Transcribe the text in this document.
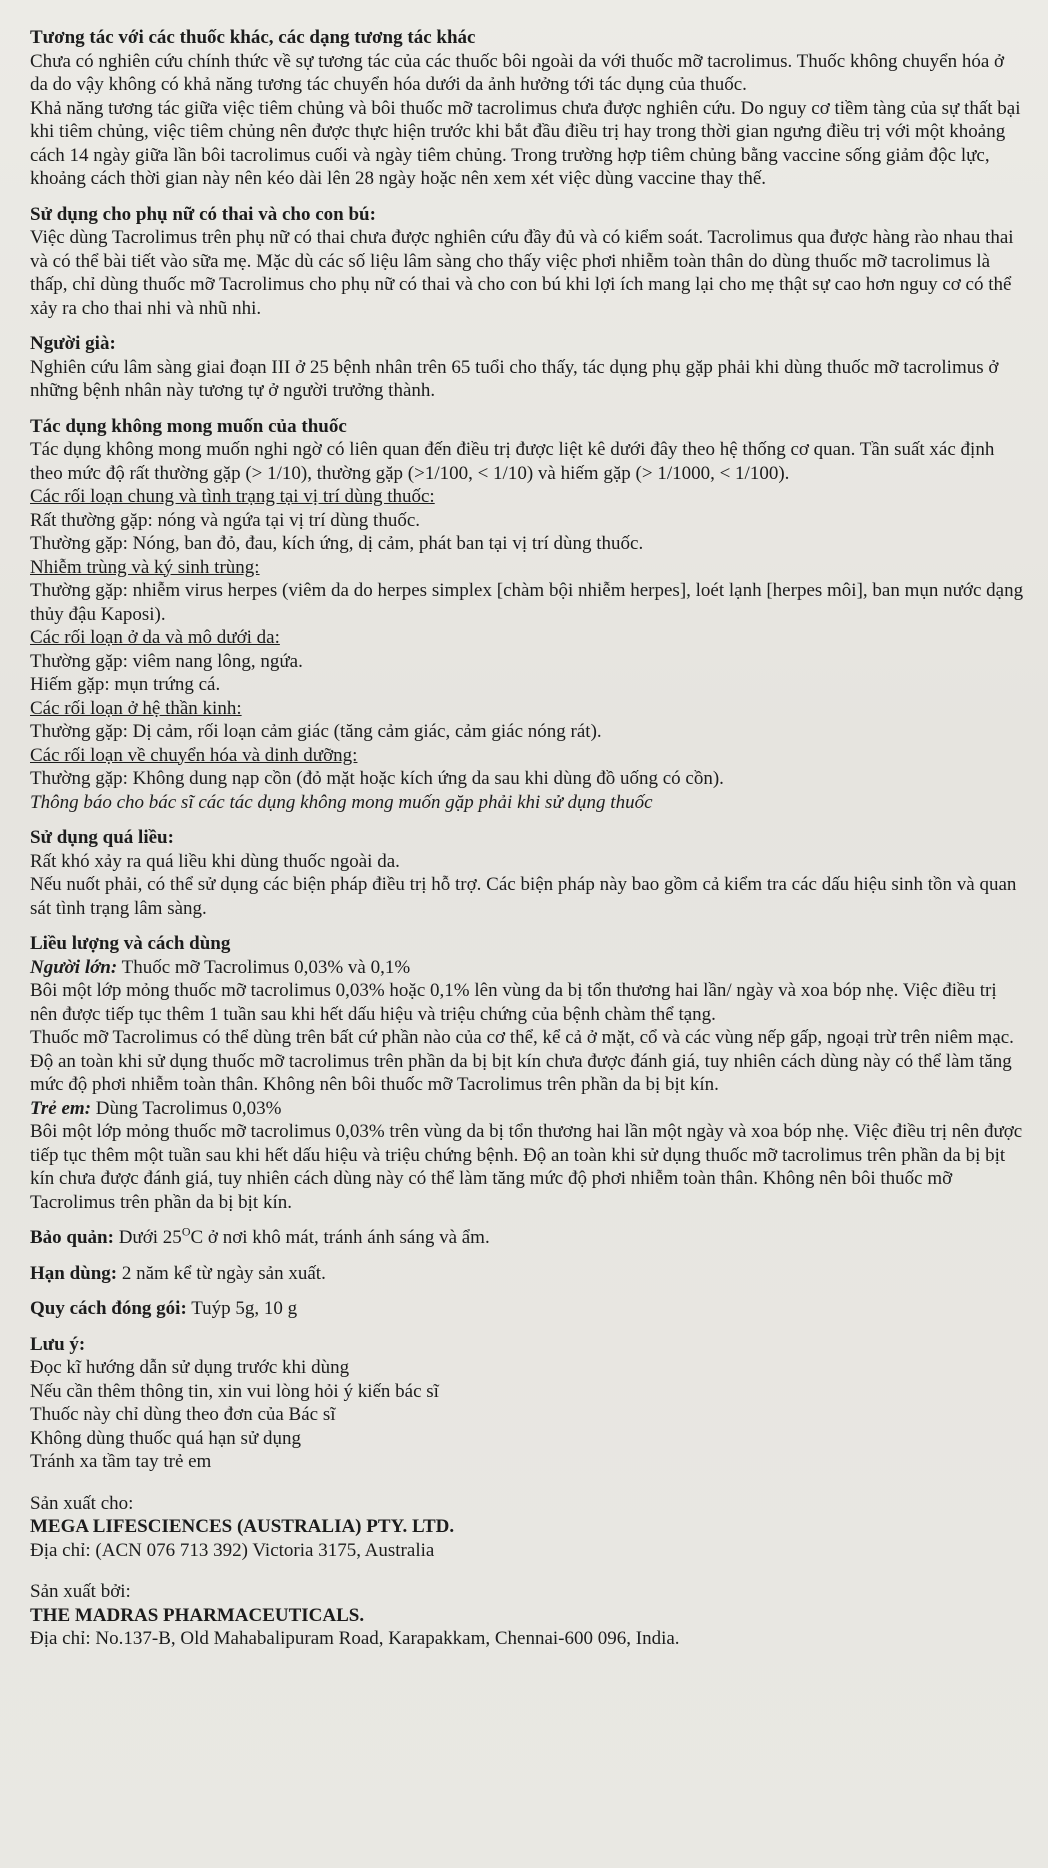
Tương tác với các thuốc khác, các dạng tương tác khác
Chưa có nghiên cứu chính thức về sự tương tác của các thuốc bôi ngoài da với thuốc mỡ tacrolimus. Thuốc không chuyển hóa ở da do vậy không có khả năng tương tác chuyển hóa dưới da ảnh hưởng tới tác dụng của thuốc.
Khả năng tương tác giữa việc tiêm chủng và bôi thuốc mỡ tacrolimus chưa được nghiên cứu. Do nguy cơ tiềm tàng của sự thất bại khi tiêm chủng, việc tiêm chủng nên được thực hiện trước khi bắt đầu điều trị hay trong thời gian ngưng điều trị với một khoảng cách 14 ngày giữa lần bôi tacrolimus cuối và ngày tiêm chủng. Trong trường hợp tiêm chủng bằng vaccine sống giảm độc lực, khoảng cách thời gian này nên kéo dài lên 28 ngày hoặc nên xem xét việc dùng vaccine thay thế.
Sử dụng cho phụ nữ có thai và cho con bú:
Việc dùng Tacrolimus trên phụ nữ có thai chưa được nghiên cứu đầy đủ và có kiểm soát. Tacrolimus qua được hàng rào nhau thai và có thể bài tiết vào sữa mẹ. Mặc dù các số liệu lâm sàng cho thấy việc phơi nhiễm toàn thân do dùng thuốc mỡ tacrolimus là thấp, chỉ dùng thuốc mỡ Tacrolimus cho phụ nữ có thai và cho con bú khi lợi ích mang lại cho mẹ thật sự cao hơn nguy cơ có thể xảy ra cho thai nhi và nhũ nhi.
Người già:
Nghiên cứu lâm sàng giai đoạn III ở 25 bệnh nhân trên 65 tuổi cho thấy, tác dụng phụ gặp phải khi dùng thuốc mỡ tacrolimus ở những bệnh nhân này tương tự ở người trưởng thành.
Tác dụng không mong muốn của thuốc
Tác dụng không mong muốn nghi ngờ có liên quan đến điều trị được liệt kê dưới đây theo hệ thống cơ quan. Tần suất xác định theo mức độ rất thường gặp (> 1/10), thường gặp (>1/100, < 1/10) và hiếm gặp (> 1/1000, < 1/100).
Các rối loạn chung và tình trạng tại vị trí dùng thuốc:
Rất thường gặp: nóng và ngứa tại vị trí dùng thuốc.
Thường gặp: Nóng, ban đỏ, đau, kích ứng, dị cảm, phát ban tại vị trí dùng thuốc.
Nhiễm trùng và ký sinh trùng:
Thường gặp: nhiễm virus herpes (viêm da do herpes simplex [chàm bội nhiễm herpes], loét lạnh [herpes môi], ban mụn nước dạng thủy đậu Kaposi).
Các rối loạn ở da và mô dưới da:
Thường gặp: viêm nang lông, ngứa.
Hiếm gặp: mụn trứng cá.
Các rối loạn ở hệ thần kinh:
Thường gặp: Dị cảm, rối loạn cảm giác (tăng cảm giác, cảm giác nóng rát).
Các rối loạn về chuyển hóa và dinh dưỡng:
Thường gặp: Không dung nạp cồn (đỏ mặt hoặc kích ứng da sau khi dùng đồ uống có cồn).
Thông báo cho bác sĩ các tác dụng không mong muốn gặp phải khi sử dụng thuốc
Sử dụng quá liều:
Rất khó xảy ra quá liều khi dùng thuốc ngoài da.
Nếu nuốt phải, có thể sử dụng các biện pháp điều trị hỗ trợ. Các biện pháp này bao gồm cả kiểm tra các dấu hiệu sinh tồn và quan sát tình trạng lâm sàng.
Liều lượng và cách dùng
Người lớn: Thuốc mỡ Tacrolimus 0,03% và 0,1%
Bôi một lớp mỏng thuốc mỡ tacrolimus 0,03% hoặc 0,1% lên vùng da bị tổn thương hai lần/ ngày và xoa bóp nhẹ. Việc điều trị nên được tiếp tục thêm 1 tuần sau khi hết dấu hiệu và triệu chứng của bệnh chàm thể tạng.
Thuốc mỡ Tacrolimus có thể dùng trên bất cứ phần nào của cơ thể, kể cả ở mặt, cổ và các vùng nếp gấp, ngoại trừ trên niêm mạc.
Độ an toàn khi sử dụng thuốc mỡ tacrolimus trên phần da bị bịt kín chưa được đánh giá, tuy nhiên cách dùng này có thể làm tăng mức độ phơi nhiễm toàn thân. Không nên bôi thuốc mỡ Tacrolimus trên phần da bị bịt kín.
Trẻ em: Dùng Tacrolimus 0,03%
Bôi một lớp mỏng thuốc mỡ tacrolimus 0,03% trên vùng da bị tổn thương hai lần một ngày và xoa bóp nhẹ. Việc điều trị nên được tiếp tục thêm một tuần sau khi hết dấu hiệu và triệu chứng bệnh. Độ an toàn khi sử dụng thuốc mỡ tacrolimus trên phần da bị bịt kín chưa được đánh giá, tuy nhiên cách dùng này có thể làm tăng mức độ phơi nhiễm toàn thân. Không nên bôi thuốc mỡ Tacrolimus trên phần da bị bịt kín.
Bảo quản: Dưới $25^OC$ ở nơi khô mát, tránh ánh sáng và ẩm.
Hạn dùng: 2 năm kể từ ngày sản xuất.
Quy cách đóng gói: Tuýp 5g, 10 g
Lưu ý:
Đọc kĩ hướng dẫn sử dụng trước khi dùng
Nếu cần thêm thông tin, xin vui lòng hỏi ý kiến bác sĩ
Thuốc này chỉ dùng theo đơn của Bác sĩ
Không dùng thuốc quá hạn sử dụng
Tránh xa tầm tay trẻ em
Sản xuất cho:
MEGA LIFESCIENCES (AUSTRALIA) PTY. LTD.
Địa chỉ: (ACN 076 713 392) Victoria 3175, Australia
Sản xuất bởi:
THE MADRAS PHARMACEUTICALS.
Địa chỉ: No.137-B, Old Mahabalipuram Road, Karapakkam, Chennai-600 096, India.
